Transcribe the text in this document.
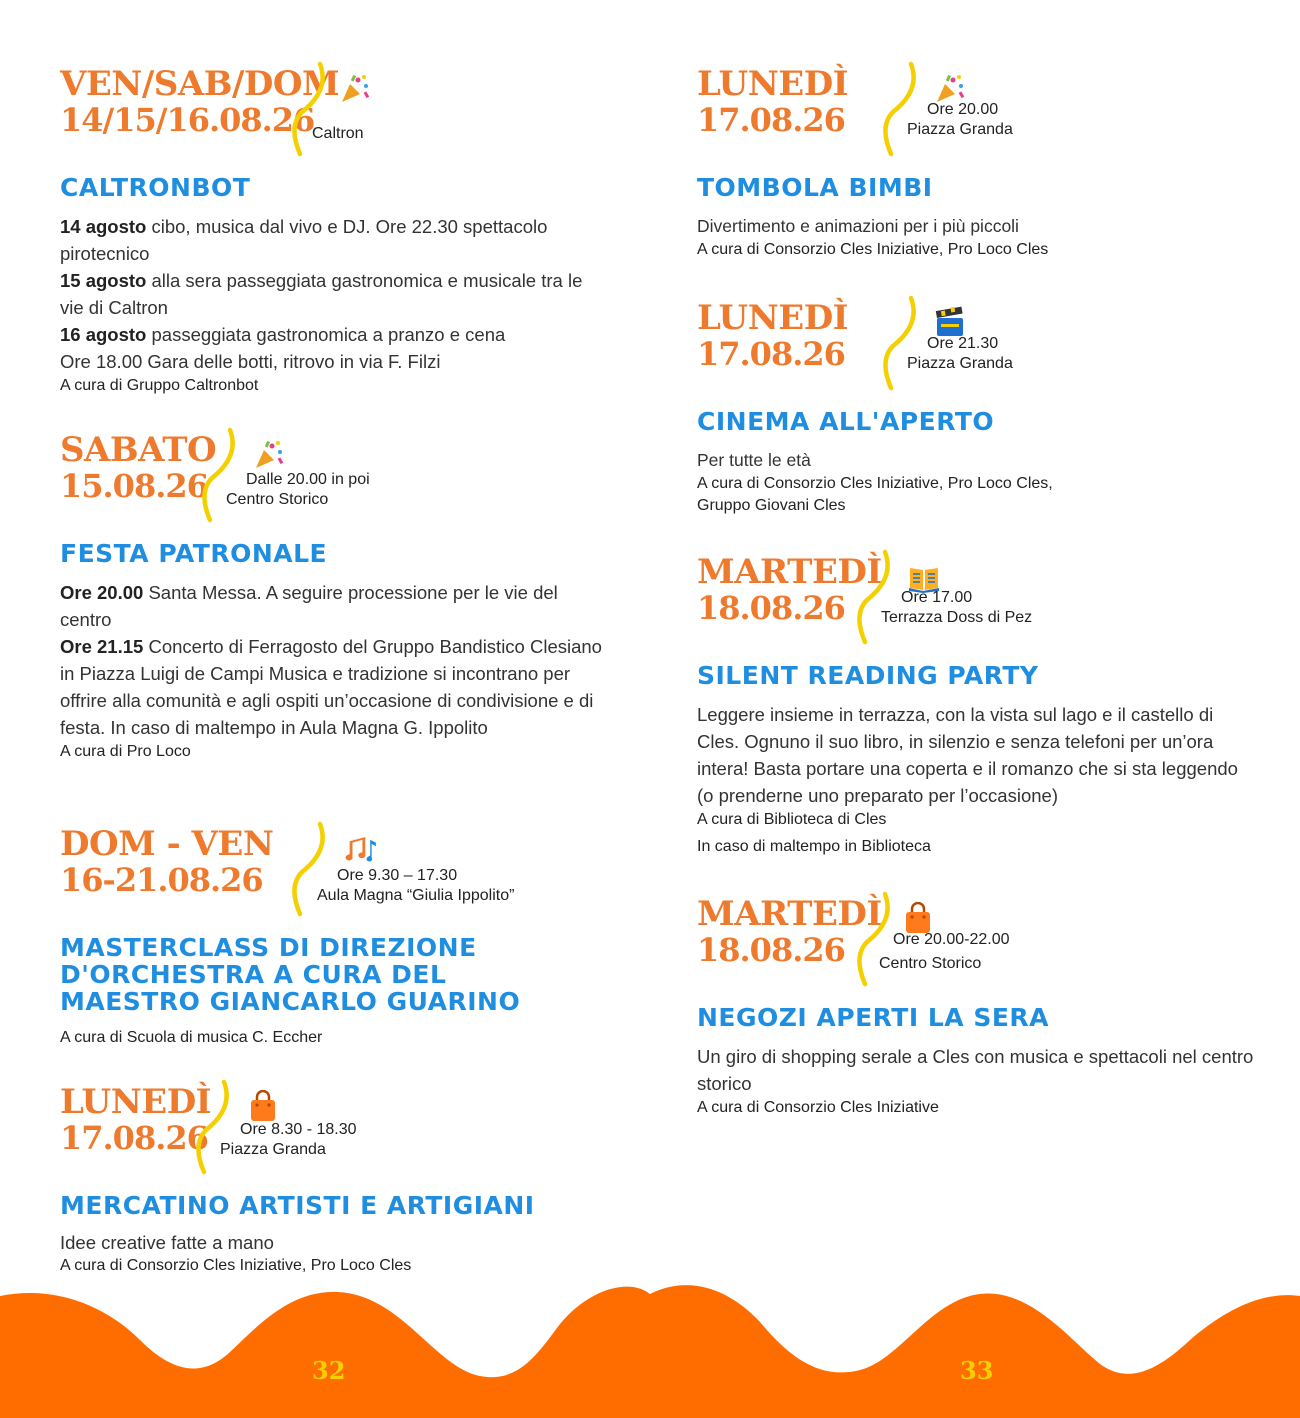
VEN/SAB/DOM
14/15/16.08.26
Caltron
CALTRONBOT
14 agosto cibo, musica dal vivo e DJ. Ore 22.30 spettacolo pirotecnico
15 agosto alla sera passeggiata gastronomica e musicale tra le vie di Caltron
16 agosto passeggiata gastronomica a pranzo e cena
Ore 18.00 Gara delle botti, ritrovo in via F. Filzi
A cura di Gruppo Caltronbot
SABATO
15.08.26	Dalle 20.00 in poi
Centro Storico
FESTA PATRONALE
Ore 20.00 Santa Messa. A seguire processione per le vie del centro
Ore 21.15 Concerto di Ferragosto del Gruppo Bandistico Clesiano in Piazza Luigi de Campi Musica e tradizione si incontrano per offrire alla comunità e agli ospiti un’occasione di condivisione e di festa. In caso di maltempo in Aula Magna G. Ippolito
A cura di Pro Loco
DOM - VEN
16-21.08.26	Ore 9.30 – 17.30
Aula Magna “Giulia Ippolito”
MASTERCLASS DI DIREZIONE D'ORCHESTRA A CURA DEL MAESTRO GIANCARLO GUARINO
A cura di Scuola di musica C. Eccher
LUNEDÌ
17.08.26	Ore 8.30 - 18.30
Piazza Granda
MERCATINO ARTISTI E ARTIGIANI
Idee creative fatte a mano
A cura di Consorzio Cles Iniziative, Pro Loco Cles
LUNEDÌ
17.08.26	Ore 20.00
Piazza Granda
TOMBOLA BIMBI
Divertimento e animazioni per i più piccoli
A cura di Consorzio Cles Iniziative, Pro Loco Cles
LUNEDÌ
17.08.26	Ore 21.30
Piazza Granda
CINEMA ALL'APERTO
Per tutte le età
A cura di Consorzio Cles Iniziative, Pro Loco Cles,
Gruppo Giovani Cles
MARTEDÌ
18.08.26	Ore 17.00
Terrazza Doss di Pez
SILENT READING PARTY
Leggere insieme in terrazza, con la vista sul lago e il castello di Cles. Ognuno il suo libro, in silenzio e senza telefoni per un’ora intera! Basta portare una coperta e il romanzo che si sta leggendo (o prenderne uno preparato per l’occasione)
A cura di Biblioteca di Cles
In caso di maltempo in Biblioteca
MARTEDÌ
18.08.26	Ore 20.00-22.00
Centro Storico
NEGOZI APERTI LA SERA
Un giro di shopping serale a Cles con musica e spettacoli nel centro storico
A cura di Consorzio Cles Iniziative
32	33
